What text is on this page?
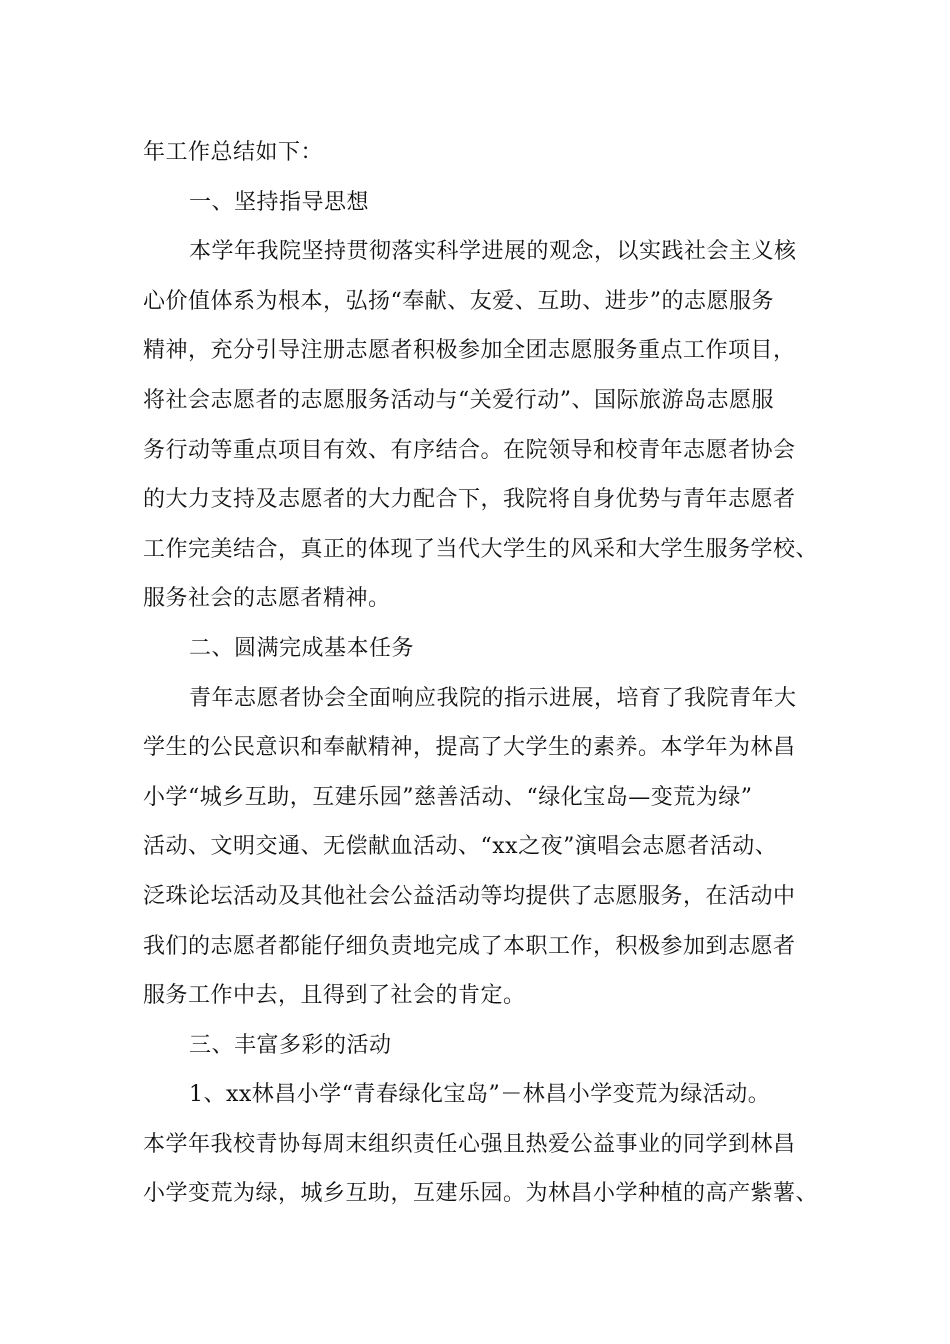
年工作总结如下：
一、坚持指导思想
本学年我院坚持贯彻落实科学进展的观念，以实践社会主义核
心价值体系为根本，弘扬“奉献、友爱、互助、进步”的志愿服务
精神，充分引导注册志愿者积极参加全团志愿服务重点工作项目，
将社会志愿者的志愿服务活动与“关爱行动”、国际旅游岛志愿服
务行动等重点项目有效、有序结合。在院领导和校青年志愿者协会
的大力支持及志愿者的大力配合下，我院将自身优势与青年志愿者
工作完美结合，真正的体现了当代大学生的风采和大学生服务学校、
服务社会的志愿者精神。
二、圆满完成基本任务
青年志愿者协会全面响应我院的指示进展，培育了我院青年大
学生的公民意识和奉献精神，提高了大学生的素养。本学年为林昌
小学“城乡互助，互建乐园”慈善活动、“绿化宝岛—变荒为绿”
活动、文明交通、无偿献血活动、“xx之夜”演唱会志愿者活动、
泛珠论坛活动及其他社会公益活动等均提供了志愿服务，在活动中
我们的志愿者都能仔细负责地完成了本职工作，积极参加到志愿者
服务工作中去，且得到了社会的肯定。
三、丰富多彩的活动
1、xx林昌小学“青春绿化宝岛”－林昌小学变荒为绿活动。
本学年我校青协每周末组织责任心强且热爱公益事业的同学到林昌
小学变荒为绿，城乡互助，互建乐园。为林昌小学种植的高产紫薯、
